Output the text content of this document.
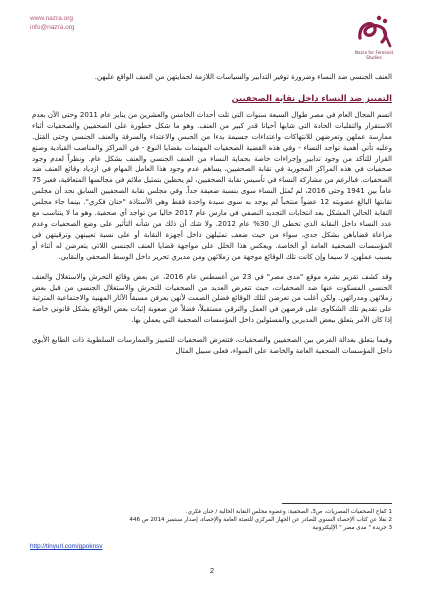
www.nazra.org
info@nazra.org
Nazra for Feminist Studies

العنف الجنسي ضد النساء وضرورة توفير التدابير والسياسات اللازمة لحمايتهن من العنف الواقع عليهن.

التمييز ضد النساء داخل نقابة الصحفيين

اتسم المجال العام في مصر طوال السبعة سنوات التي تلت أحداث الخامس والعشرين من يناير عام 2011 وحتى الآن بعدم الاستقرار والتقلبات الحادة التي شابها أحيانا قدر كبير من العنف. وهو ما شكل خطورة على الصحفيين والصحفيات أثناء ممارسة عملهن وتعرضهن للانتهاكات واعتداءات جسيمة بدءا من الحبس والاعتداء والسرقة والعنف الجنسي وحتى القتل. وعليه تأتي أهمية تواجد النساء - وفي هذه القضية الصحفيات المهتمات بقضايا النوع - في المراكز والمناصب القيادية وصنع القرار للتأكد من وجود تدابير وإجراءات خاصة بحماية النساء من العنف الجنسي والعنف بشكل عام. ونظراً لعدم وجود صحفيات في هذه المراكز المحورية في نقابة الصحفيين، يساهم عدم وجود هذا العامل المهام في ازدياد وقائع العنف ضد الصحفيات. فبالرغم من مشاركة النساء في تأسيس نقابة الصحفيين، لم يحظين بتمثيل ملائم في مجالسها المتعاقبة، فعبر 75 عاماً بين 1941 وحتى 2016، لم تُمثل النساء سوى بنسبة ضعيفة جداً. وفي مجلس نقابة الصحفيين السابق نجد أن مجلس نقابتها البالغ عضويته 12 عضواً منتخباً لم يوجد به سوى سيدة واحدة فقط وهي الأستاذة "حنان فكري". بينما جاء مجلس النقابة الحالي المشكل بعد انتخابات التجديد النصفي في مارس عام 2017 خاليا من تواجد أي صحفية. وهو ما لا يتناسب مع عدد النساء داخل النقابة الذي تخطى ال 30% عام 2012. ولا شك أن ذلك من شأنه التأثير على وضع الصحفيات وعدم مراعاة قضاياهن بشكل جدي، سواء من حيث ضعف تمثيلهن داخل أجهزة النقابة أو على نسبة تعيينهن وترقيتهن في المؤسسات الصحفية العامة أو الخاصة. ويعكس هذا الخلل على مواجهة قضايا العنف الجنسي اللاتي يتعرضن له أثناء أو بسبب عملهن، لا سيما وإن كانت تلك الوقائع موجهة من زملائهن ومن مديري تحرير داخل الوسط الصحفي والنقابي.

وقد كشف تقرير نشره موقع "مدى مصر" في 23 من أغسطس عام 2016، عن بعض وقائع التحرش والاستغلال والعنف الجنسي المسكوت عنها ضد الصحفيات، حيث تتعرض العديد من الصحفيات للتحرش والاستغلال الجنسي من قبل بعض زملائهن ومدرائهن. ولكن أغلب من تعرضن لتلك الوقائع فضلن الصمت لأنهن يعرفن مسبقاً الآثار المهنية والاجتماعية المترتبة على تقديم تلك الشكاوى على فرصهن في العمل والترقي مستقبلاً، فضلاً عن صعوبة إثبات بعض الوقائع بشكل قانوني خاصة إذا كان الأمر يتعلق ببعض المديرين والمسئولين داخل المؤسسات الصحفية التي يعملن بها.

وفيما يتعلق بعدالة الفرص بين الصحفيين والصحفيات، فتتعرض الصحفيات للتمييز والممارسات السلطوية ذات الطابع الأبوي داخل المؤسسات الصحفية العامة والخاصة على السواء، فعلى سبيل المثال

1 كفاح الصحفيات المصريات، ص3، الصحفية: وعضوة مجلس النقابة الحالية / حنان فكري.
2 نقلا عن كتاب الإحصاء السنوي للصادر عن الجهاز المركزي للتعبئة العامة والإحصاء، إصدار سبتمبر 2014 ص 446
3 جريدة " مدى مصر " الإليكترونية
http://tinyurl.com/gpoknsv
2
